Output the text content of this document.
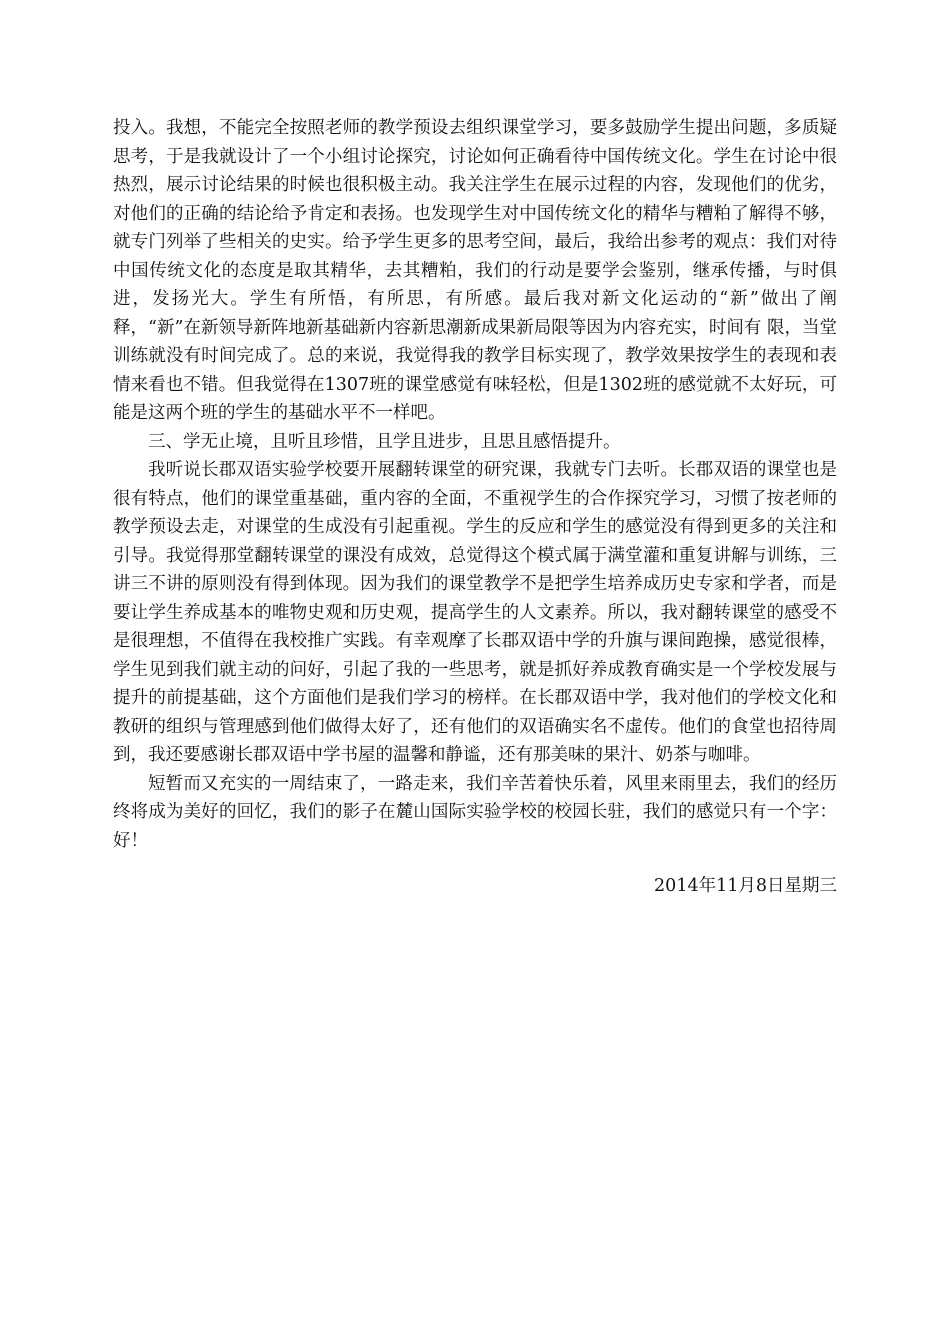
投入。我想，不能完全按照老师的教学预设去组织课堂学习，要多鼓励学生提出问题，多质疑思考，于是我就设计了一个小组讨论探究，讨论如何正确看待中国传统文化。学生在讨论中很热烈，展示讨论结果的时候也很积极主动。我关注学生在展示过程的内容，发现他们的优劣，对他们的正确的结论给予肯定和表扬。也发现学生对中国传统文化的精华与糟粕了解得不够，就专门列举了些相关的史实。给予学生更多的思考空间，最后，我给出参考的观点：我们对待中国传统文化的态度是取其精华，去其糟粕，我们的行动是要学会鉴别，继承传播，与时俱进，发扬光大。学生有所悟，有所思，有所感。最后我对新文化运动的“新”做出了阐释，“新”在新领导新阵地新基础新内容新思潮新成果新局限等因为内容充实，时间有 限，当堂训练就没有时间完成了。总的来说，我觉得我的教学目标实现了，教学效果按学生的表现和表情来看也不错。但我觉得在1307班的课堂感觉有味轻松，但是1302班的感觉就不太好玩，可能是这两个班的学生的基础水平不一样吧。

三、学无止境，且听且珍惜，且学且进步，且思且感悟提升。

我听说长郡双语实验学校要开展翻转课堂的研究课，我就专门去听。长郡双语的课堂也是很有特点，他们的课堂重基础，重内容的全面，不重视学生的合作探究学习，习惯了按老师的教学预设去走，对课堂的生成没有引起重视。学生的反应和学生的感觉没有得到更多的关注和引导。我觉得那堂翻转课堂的课没有成效，总觉得这个模式属于满堂灌和重复讲解与训练，三讲三不讲的原则没有得到体现。因为我们的课堂教学不是把学生培养成历史专家和学者，而是要让学生养成基本的唯物史观和历史观，提高学生的人文素养。所以，我对翻转课堂的感受不是很理想，不值得在我校推广实践。有幸观摩了长郡双语中学的升旗与课间跑操，感觉很棒，学生见到我们就主动的问好，引起了我的一些思考，就是抓好养成教育确实是一个学校发展与提升的前提基础，这个方面他们是我们学习的榜样。在长郡双语中学，我对他们的学校文化和教研的组织与管理感到他们做得太好了，还有他们的双语确实名不虚传。他们的食堂也招待周到，我还要感谢长郡双语中学书屋的温馨和静谧，还有那美味的果汁、奶茶与咖啡。

短暂而又充实的一周结束了，一路走来，我们辛苦着快乐着，风里来雨里去，我们的经历终将成为美好的回忆，我们的影子在麓山国际实验学校的校园长驻，我们的感觉只有一个字：好！

2014年11月8日星期三
